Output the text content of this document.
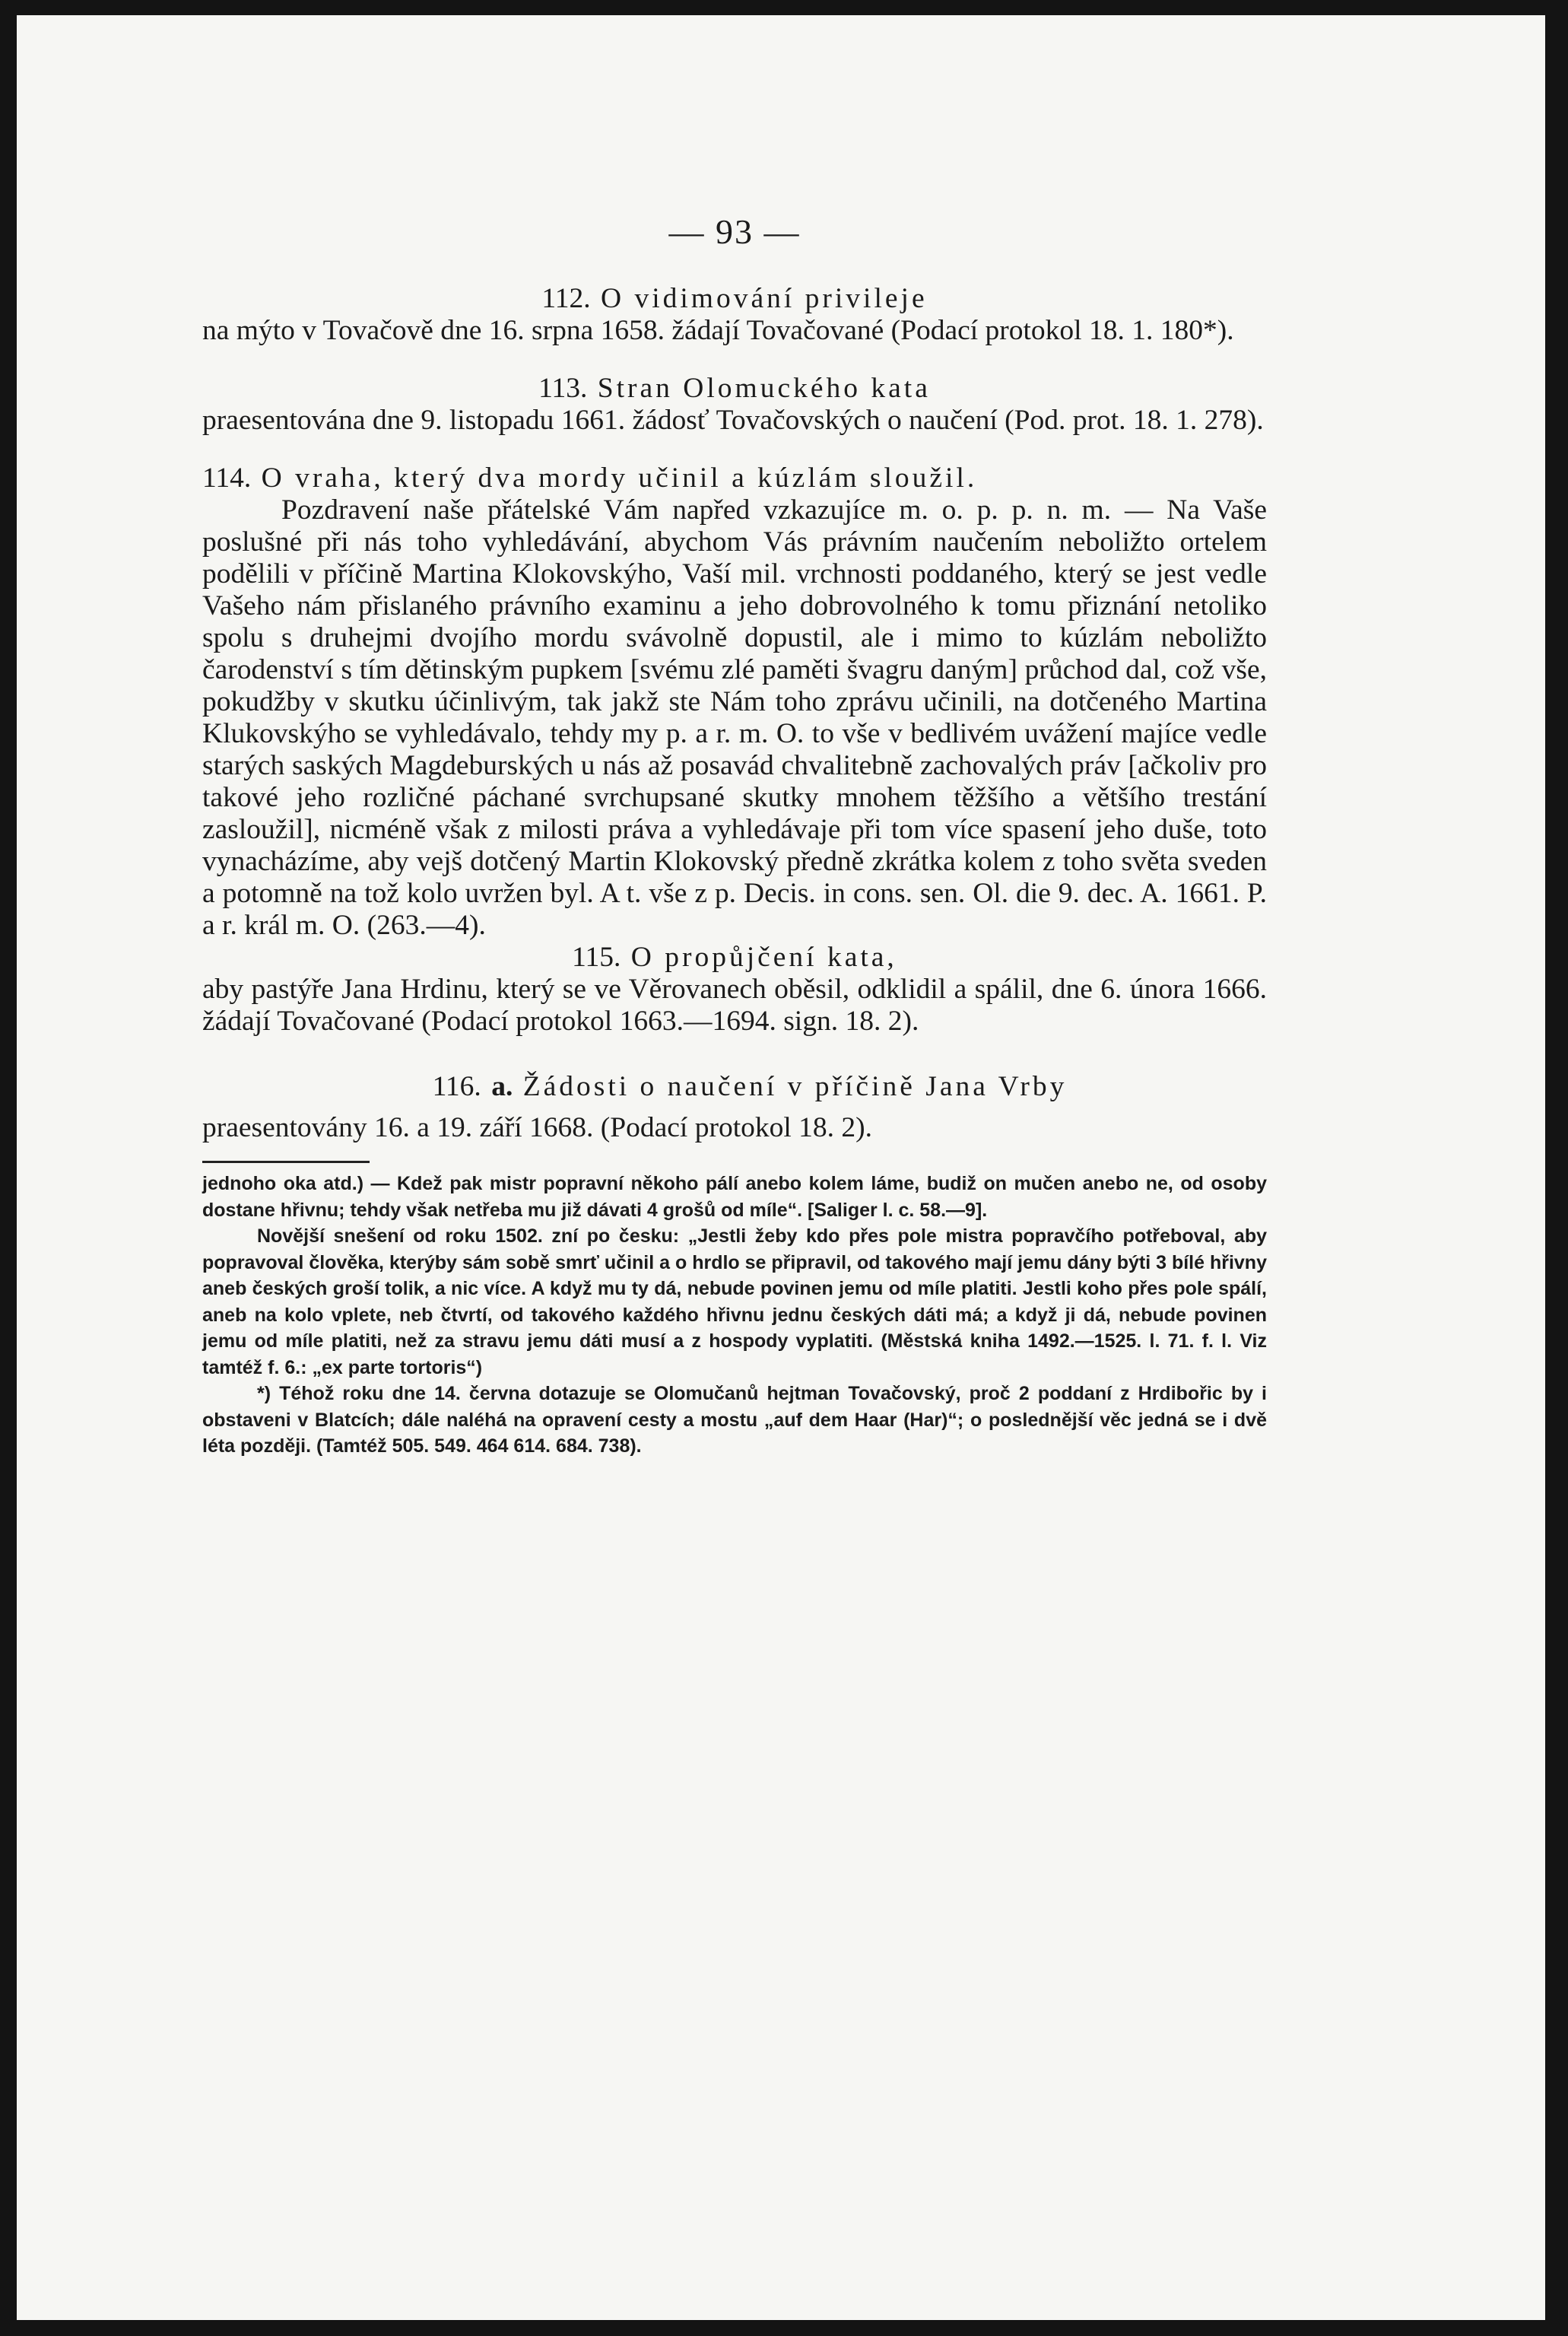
— 93 —
112. O vidimování privileje
na mýto v Tovačově dne 16. srpna 1658. žádají Tovačované (Podací protokol 18. 1. 180*).
113. Stran Olomuckého kata
praesentována dne 9. listopadu 1661. žádosť Tovačovských o naučení (Pod. prot. 18. 1. 278).
114. O vraha, který dva mordy učinil a kúzlám sloužil.
Pozdravení naše přátelské Vám napřed vzkazujíce m. o. p. p. n. m. — Na Vaše poslušné při nás toho vyhledávání, abychom Vás právním naučením neboližto ortelem podělili v příčině Martina Klokovskýho, Vaší mil. vrchnosti poddaného, který se jest vedle Vašeho nám přislaného právního examinu a jeho dobrovolného k tomu přiznání netoliko spolu s druhejmi dvojího mordu svávolně dopustil, ale i mimo to kúzlám neboližto čarodenství s tím dětinským pupkem [svému zlé paměti švagru daným] průchod dal, což vše, pokudžby v skutku účinlivým, tak jakž ste Nám toho zprávu učinili, na dotčeného Martina Klukovskýho se vyhledávalo, tehdy my p. a r. m. O. to vše v bedlivém uvážení majíce vedle starých saských Magdeburských u nás až posavád chvalitebně zachovalých práv [ačkoliv pro takové jeho rozličné páchané svrchupsané skutky mnohem těžšího a většího trestání zasloužil], nicméně však z milosti práva a vyhledávaje při tom více spasení jeho duše, toto vynacházíme, aby vejš dotčený Martin Klokovský předně zkrátka kolem z toho světa sveden a potomně na tož kolo uvržen byl. A t. vše z p. Decis. in cons. sen. Ol. die 9. dec. A. 1661. P. a r. král m. O. (263.—4).
115. O propůjčení kata,
aby pastýře Jana Hrdinu, který se ve Věrovanech oběsil, odklidil a spálil, dne 6. února 1666. žádají Tovačované (Podací protokol 1663.—1694. sign. 18. 2).
116. a. Žádosti o naučení v příčině Jana Vrby
praesentovány 16. a 19. září 1668. (Podací protokol 18. 2).

jednoho oka atd.) — Kdež pak mistr popravní někoho pálí anebo kolem láme, budiž on mučen anebo ne, od osoby dostane hřivnu; tehdy však netřeba mu již dávati 4 grošů od míle“. [Saliger l. c. 58.—9].

Novější snešení od roku 1502. zní po česku: „Jestli žeby kdo přes pole mistra popravčího potřeboval, aby popravoval člověka, kterýby sám sobě smrť učinil a o hrdlo se připravil, od takového mají jemu dány býti 3 bílé hřivny aneb českých groší tolik, a nic více. A když mu ty dá, nebude povinen jemu od míle platiti. Jestli koho přes pole spálí, aneb na kolo vplete, neb čtvrtí, od takového každého hřivnu jednu českých dáti má; a když ji dá, nebude povinen jemu od míle platiti, než za stravu jemu dáti musí a z hospody vyplatiti. (Městská kniha 1492.—1525. l. 71. f. l. Viz tamtéž f. 6.: „ex parte tortoris“)

*) Téhož roku dne 14. června dotazuje se Olomučanů hejtman Tovačovský, proč 2 poddaní z Hrdibořic by i obstaveni v Blatcích; dále naléhá na opravení cesty a mostu „auf dem Haar (Har)“; o poslednější věc jedná se i dvě léta později. (Tamtéž 505. 549. 464 614. 684. 738).
